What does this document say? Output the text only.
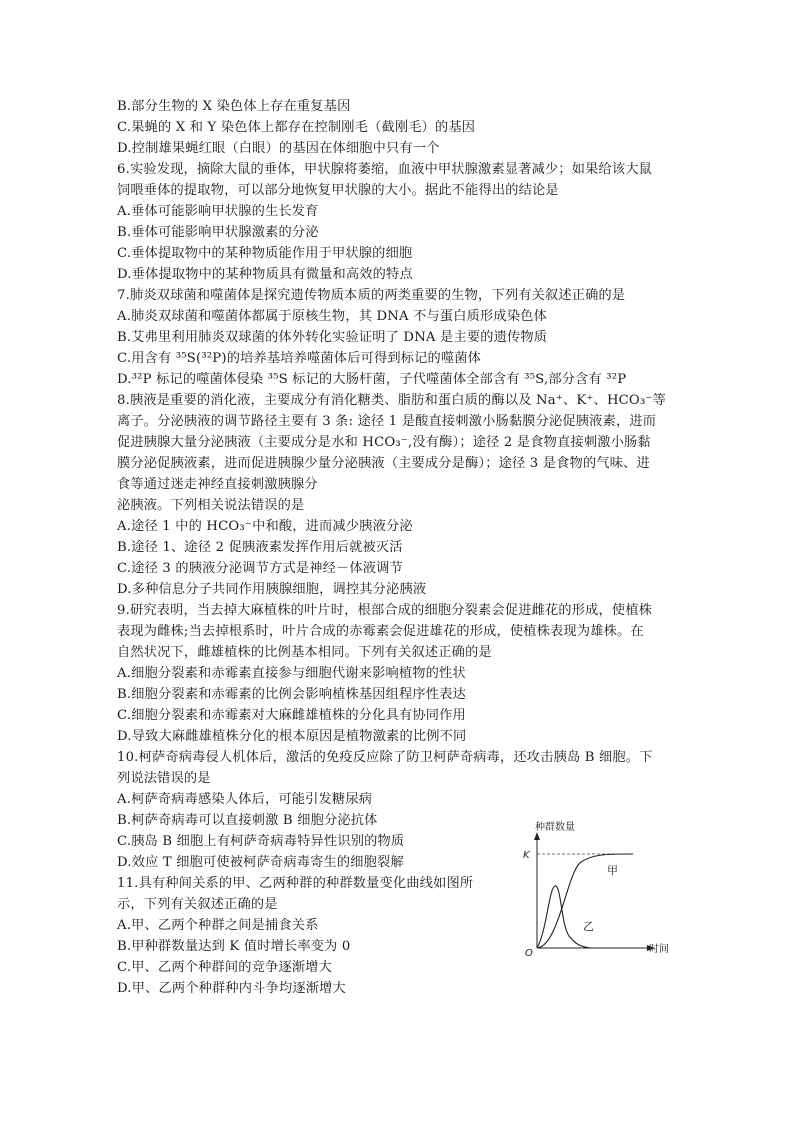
B.部分生物的 X 染色体上存在重复基因
C.果蝇的 X 和 Y 染色体上都存在控制刚毛（截刚毛）的基因
D.控制雄果蝇红眼（白眼）的基因在体细胞中只有一个
6.实验发现，摘除大鼠的垂体，甲状腺将萎缩，血液中甲状腺激素显著减少；如果给该大鼠
饲喂垂体的提取物，可以部分地恢复甲状腺的大小。据此不能得出的结论是
A.垂体可能影响甲状腺的生长发育
B.垂体可能影响甲状腺激素的分泌
C.垂体提取物中的某种物质能作用于甲状腺的细胞
D.垂体提取物中的某种物质具有微量和高效的特点
7.肺炎双球菌和噬菌体是探究遗传物质本质的两类重要的生物，下列有关叙述正确的是
A.肺炎双球菌和噬菌体都属于原核生物，其 DNA 不与蛋白质形成染色体
B.艾弗里利用肺炎双球菌的体外转化实验证明了 DNA 是主要的遗传物质
C.用含有 ³⁵S(³²P)的培养基培养噬菌体后可得到标记的噬菌体
D.³²P 标记的噬菌体侵染 ³⁵S 标记的大肠杆菌，子代噬菌体全部含有 ³⁵S,部分含有 ³²P
8.胰液是重要的消化液，主要成分有消化糖类、脂肪和蛋白质的酶以及 Na⁺、K⁺、HCO₃⁻等
离子。分泌胰液的调节路径主要有 3 条: 途径 1 是酸直接刺激小肠黏膜分泌促胰液素，进而
促进胰腺大量分泌胰液（主要成分是水和 HCO₃⁻,没有酶）；途径 2 是食物直接刺激小肠黏
膜分泌促胰液素，进而促进胰腺少量分泌胰液（主要成分是酶）；途径 3 是食物的气味、进
食等通过迷走神经直接刺激胰腺分
泌胰液。下列相关说法错误的是
A.途径 1 中的 HCO₃⁻中和酸，进而减少胰液分泌
B.途径 1、途径 2 促胰液素发挥作用后就被灭活
C.途径 3 的胰液分泌调节方式是神经－体液调节
D.多种信息分子共同作用胰腺细胞，调控其分泌胰液
9.研究表明，当去掉大麻植株的叶片时，根部合成的细胞分裂素会促进雌花的形成，使植株
表现为雌株;当去掉根系时，叶片合成的赤霉素会促进雄花的形成，使植株表现为雄株。在
自然状况下，雌雄植株的比例基本相同。下列有关叙述正确的是
A.细胞分裂素和赤霉素直接参与细胞代谢来影响植物的性状
B.细胞分裂素和赤霉素的比例会影响植株基因组程序性表达
C.细胞分裂素和赤霉素对大麻雌雄植株的分化具有协同作用
D.导致大麻雌雄植株分化的根本原因是植物激素的比例不同
10.柯萨奇病毒侵人机体后，激活的免疫反应除了防卫柯萨奇病毒，还攻击胰岛 B 细胞。下
列说法错误的是
A.柯萨奇病毒感染人体后，可能引发糖尿病
B.柯萨奇病毒可以直接刺激 B 细胞分泌抗体
C.胰岛 B 细胞上有柯萨奇病毒特异性识别的物质
D.效应 T 细胞可使被柯萨奇病毒寄生的细胞裂解
11.具有种间关系的甲、乙两种群的种群数量变化曲线如图所
示，下列有关叙述正确的是
A.甲、乙两个种群之间是捕食关系
B.甲种群数量达到 K 值时增长率变为 0
C.甲、乙两个种群间的竞争逐渐增大
D.甲、乙两个种群种内斗争均逐渐增大
种群数量
K
O	时间
甲
乙
